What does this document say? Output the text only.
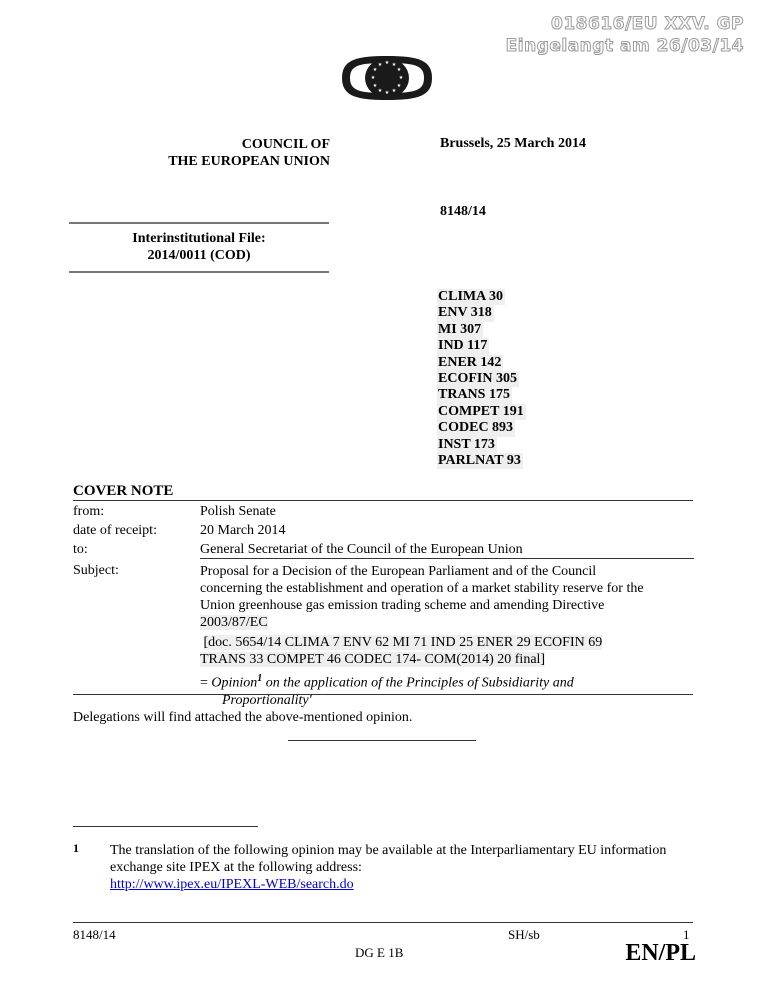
018616/EU XXV. GP
Eingelangt am 26/03/14
★ ★
★
★
★
★
★
★
★
★
★
★
COUNCIL OF
THE EUROPEAN UNION
Brussels, 25 March 2014
8148/14
Interinstitutional File:
2014/0011 (COD)
CLIMA 30
ENV 318
MI 307
IND 117
ENER 142
ECOFIN 305
TRANS 175
COMPET 191
CODEC 893
INST 173
PARLNAT 93
COVER NOTE
from:	Polish Senate
date of receipt:	20 March 2014
to:	General Secretariat of the Council of the European Union
Subject:	Proposal for a Decision of the European Parliament and of the Council
concerning the establishment and operation of a market stability reserve for the
Union greenhouse gas emission trading scheme and amending Directive
2003/87/EC
[doc. 5654/14 CLIMA 7 ENV 62 MI 71 IND 25 ENER 29 ECOFIN 69
TRANS 33 COMPET 46 CODEC 174- COM(2014) 20 final]
= Opinion$^1$ on the application of the Principles of Subsidiarity and
Proportionality'
Delegations will find attached the above-mentioned opinion.
1 The translation of the following opinion may be available at the Interparliamentary EU information exchange site IPEX at the following address:
http://www.ipex.eu/IPEXL-WEB/search.do
8148/14
DG E 1B
SH/sb	1
EN/PL
